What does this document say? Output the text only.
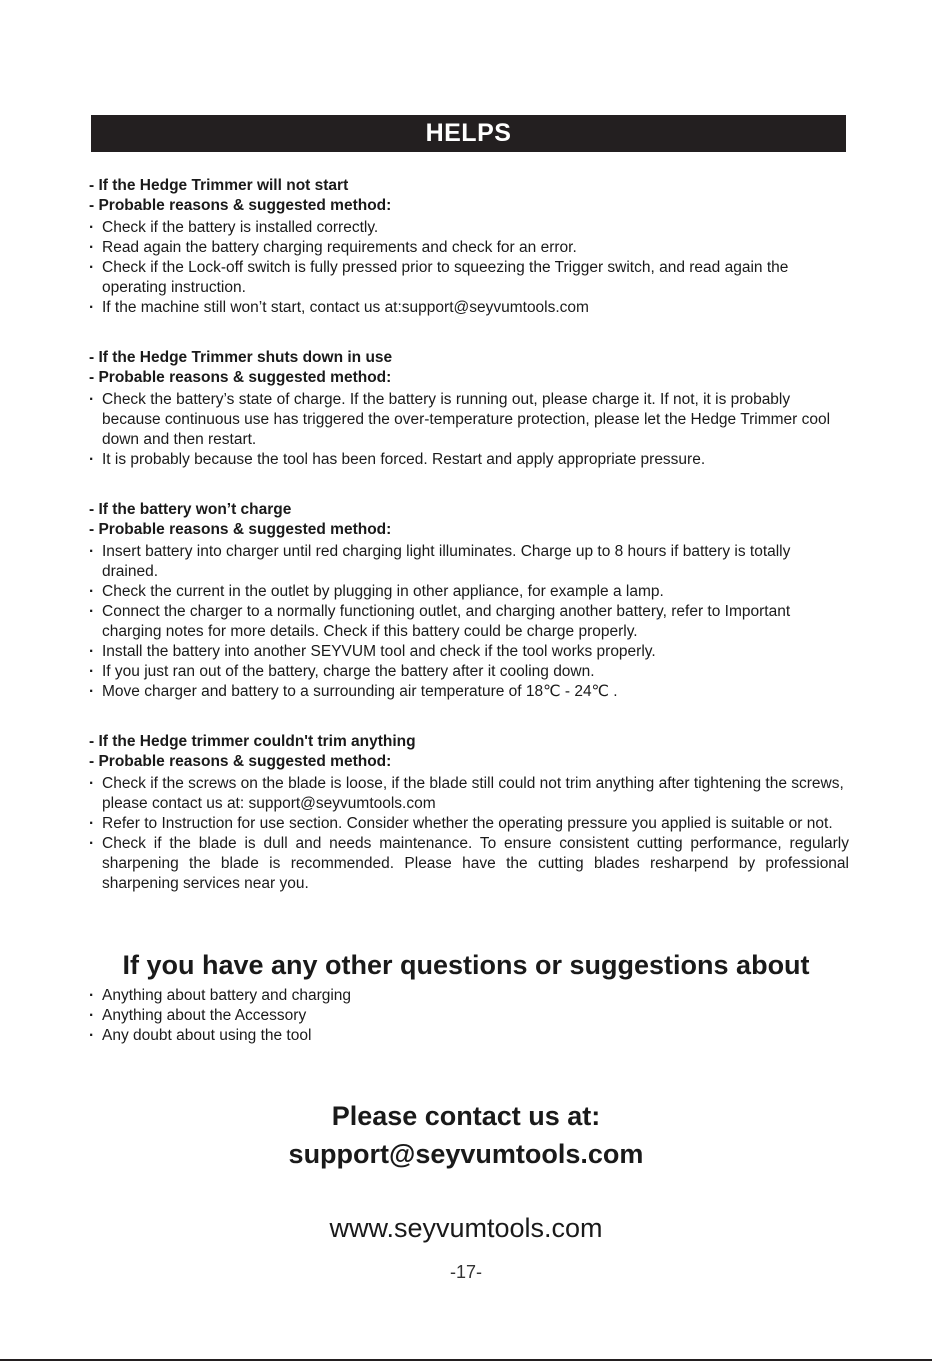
HELPS
- If the Hedge Trimmer will not start
- Probable reasons & suggested method:
· Check if the battery is installed correctly.
· Read again the battery charging requirements and check for an error.
· Check if the Lock-off switch is fully pressed prior to squeezing the Trigger switch, and read again the operating instruction.
· If the machine still won’t start, contact us at:support@seyvumtools.com
- If the Hedge Trimmer shuts down in use
- Probable reasons & suggested method:
· Check the battery’s state of charge. If the battery is running out, please charge it. If not, it is probably because continuous use has triggered the over-temperature protection, please let the Hedge Trimmer cool down and then restart.
· It is probably because the tool has been forced. Restart and apply appropriate pressure.
- If the battery won’t charge
- Probable reasons & suggested method:
· Insert battery into charger until red charging light illuminates. Charge up to 8 hours if battery is totally drained.
· Check the current in the outlet by plugging in other appliance, for example a lamp.
· Connect the charger to a normally functioning outlet, and charging another battery, refer to Important charging notes for more details. Check if this battery could be charge properly.
· Install the battery into another SEYVUM tool and check if the tool works properly.
· If you just ran out of the battery, charge the battery after it cooling down.
· Move charger and battery to a surrounding air temperature of 18℃ - 24℃ .
- If the Hedge trimmer couldn't trim anything
- Probable reasons & suggested method:
· Check if the screws on the blade is loose, if the blade still could not trim anything after tightening the screws, please contact us at: support@seyvumtools.com
· Refer to Instruction for use section. Consider whether the operating pressure you applied is suitable or not.
· Check if the blade is dull and needs maintenance. To ensure consistent cutting performance, regularly sharpening the blade is recommended. Please have the cutting blades resharpend by professional sharpening services near you.
If you have any other questions or suggestions about
· Anything about battery and charging
· Anything about the Accessory
· Any doubt about using the tool
Please contact us at:
support@seyvumtools.com
www.seyvumtools.com
-17-
